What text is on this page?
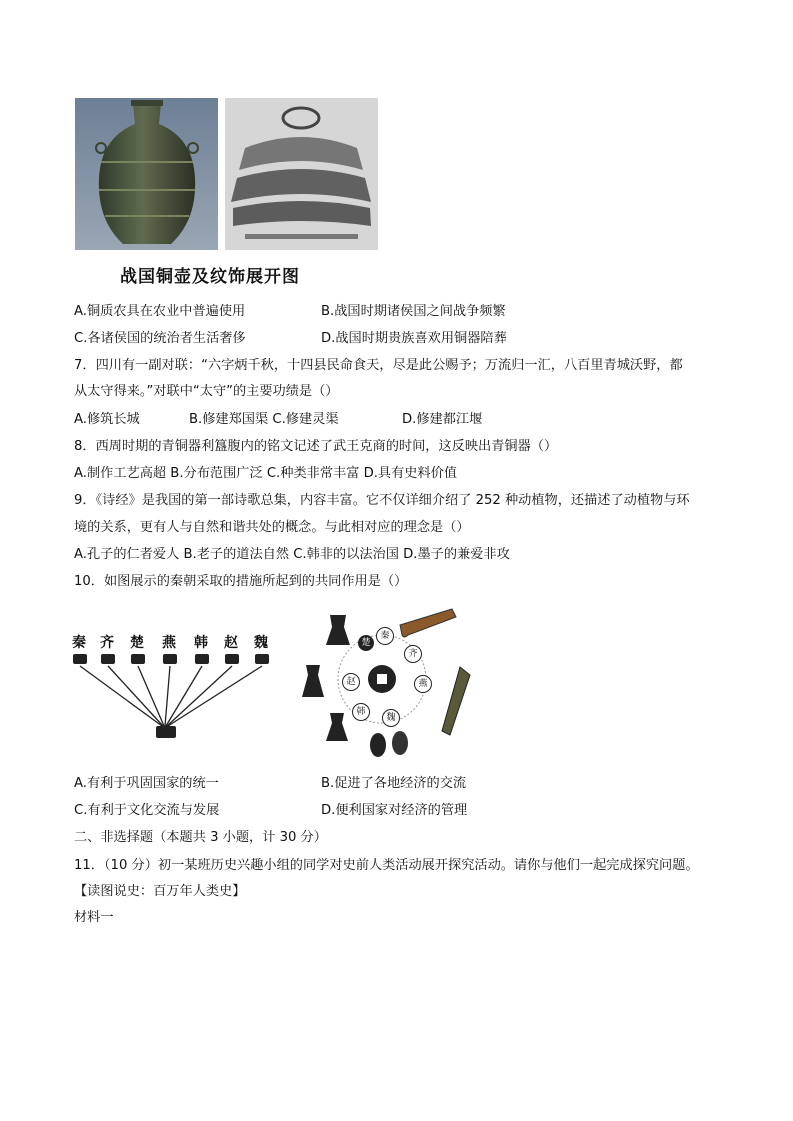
战国铜壶及纹饰展开图
A.铜质农具在农业中普遍使用	B.战国时期诸侯国之间战争频繁
C.各诸侯国的统治者生活奢侈	D.战国时期贵族喜欢用铜器陪葬
7．四川有一副对联：“六字炳千秋，十四县民命食天，尽是此公赐予；万流归一汇，八百里青城沃野，都
从太守得来。”对联中“太守”的主要功绩是（）
A.修筑长城	B.修建郑国渠 C.修建灵渠	D.修建都江堰
8．西周时期的青铜器利簋腹内的铭文记述了武王克商的时间，这反映出青铜器（）
A.制作工艺高超 B.分布范围广泛 C.种类非常丰富 D.具有史料价值
9．《诗经》是我国的第一部诗歌总集，内容丰富。它不仅详细介绍了 252 种动植物，还描述了动植物与环
境的关系，更有人与自然和谐共处的概念。与此相对应的理念是（）
A.孔子的仁者爱人 B.老子的道法自然 C.韩非的以法治国 D.墨子的兼爱非攻
10．如图展示的秦朝采取的措施所起到的共同作用是（）
秦 齐 楚 燕 韩 赵 魏	楚
秦
齐
燕
赵
韩
魏
A.有利于巩固国家的统一	B.促进了各地经济的交流
C.有利于文化交流与发展	D.便利国家对经济的管理
二、非选择题（本题共 3 小题，计 30 分）
11．（10 分）初一某班历史兴趣小组的同学对史前人类活动展开探究活动。请你与他们一起完成探究问题。
【读图说史：百万年人类史】
材料一
